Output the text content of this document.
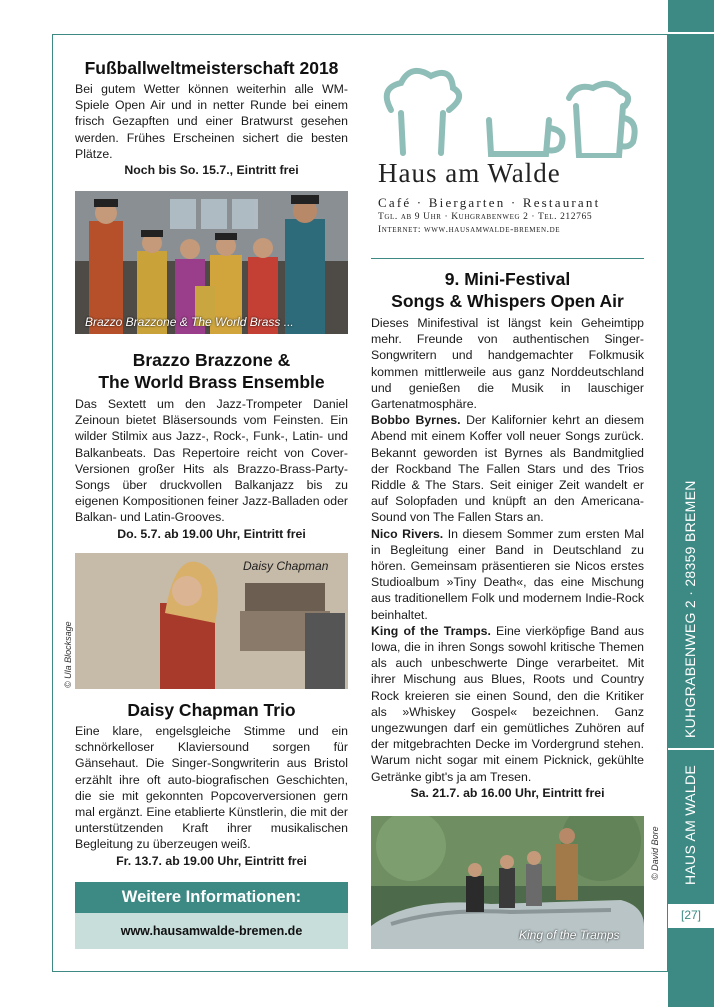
KUHGRABENWEG 2 · 28359 BREMEN
HAUS AM WALDE
[27]
Fußballweltmeisterschaft 2018

Bei gutem Wetter können weiterhin alle WM-Spiele Open Air und in netter Runde bei einem frisch Gezapften und einer Bratwurst gesehen werden. Frühes Erscheinen sichert die besten Plätze.

Noch bis So. 15.7., Eintritt frei

Brazzo Brazzone & The World Brass ...
Brazzo Brazzone &
The World Brass Ensemble

Das Sextett um den Jazz-Trompeter Daniel Zeinoun bietet Bläsersounds vom Feinsten. Ein wilder Stilmix aus Jazz-, Rock-, Funk-, Latin- und Balkanbeats. Das Repertoire reicht von Cover-Versionen großer Hits als Brazzo-Brass-Party-Songs über druckvollen Balkanjazz bis zu eigenen Kompositionen feiner Jazz-Balladen oder Balkan- und Latin-Grooves.

Do. 5.7. ab 19.00 Uhr, Eintritt frei

Daisy Chapman
© Ula Blocksage
Daisy Chapman Trio

Eine klare, engelsgleiche Stimme und ein schnörkelloser Klaviersound sorgen für Gänsehaut. Die Singer-Songwriterin aus Bristol erzählt ihre oft auto-biografischen Geschichten, die sie mit gekonnten Popcoverversionen gern mal ergänzt. Eine etablierte Künstlerin, die mit der unterstützenden Kraft ihrer musikalischen Begleitung zu überzeugen weiß.

Fr. 13.7. ab 19.00 Uhr, Eintritt frei

Weitere Informationen:
www.hausamwalde-bremen.de
Haus am Walde
Café · Biergarten · Restaurant
Tgl. ab 9 Uhr · Kuhgrabenweg 2 · Tel. 212765
Internet: www.hausamwalde-bremen.de
9. Mini-Festival
Songs & Whispers Open Air

Dieses Minifestival ist längst kein Geheimtipp mehr. Freunde von authentischen Singer-Songwritern und handgemachter Folkmusik kommen mittlerweile aus ganz Norddeutschland und genießen die Musik in lauschiger Gartenatmosphäre.

Bobbo Byrnes. Der Kalifornier kehrt an diesem Abend mit einem Koffer voll neuer Songs zurück. Bekannt geworden ist Byrnes als Bandmitglied der Rockband The Fallen Stars und des Trios Riddle & The Stars. Seit einiger Zeit wandelt er auf Solopfaden und knüpft an den Americana-Sound von The Fallen Stars an.

Nico Rivers. In diesem Sommer zum ersten Mal in Begleitung einer Band in Deutschland zu hören. Gemeinsam präsentieren sie Nicos erstes Studioalbum »Tiny Death«, das eine Mischung aus traditionellem Folk und modernem Indie-Rock beinhaltet.

King of the Tramps. Eine vierköpfige Band aus Iowa, die in ihren Songs sowohl kritische Themen als auch unbeschwerte Dinge verarbeitet. Mit ihrer Mischung aus Blues, Roots und Country Rock kreieren sie einen Sound, den die Kritiker als »Whiskey Gospel« bezeichnen. Ganz ungezwungen darf ein gemütliches Zuhören auf der mitgebrachten Decke im Vordergrund stehen. Warum nicht sogar mit einem Picknick, gekühlte Getränke gibt's ja am Tresen.

Sa. 21.7. ab 16.00 Uhr, Eintritt frei

King of the Tramps
© David Bore
